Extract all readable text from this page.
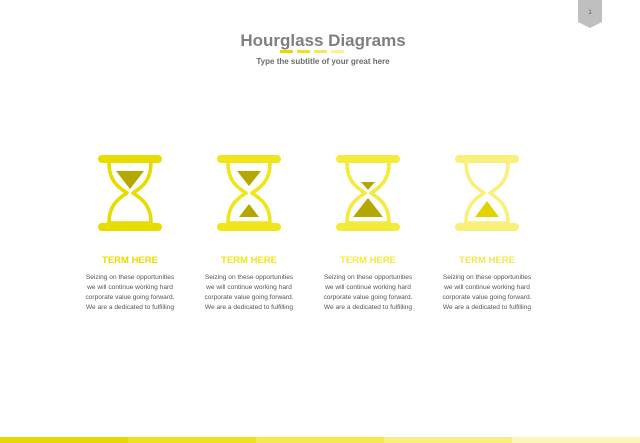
1
Hourglass Diagrams
Type the subtitle of your great here
TERM HERE
Seizing on these opportunities
we will continue working hard
corporate value going forward.
We are a dedicated to fulfilling
TERM HERE
Seizing on these opportunities
we will continue working hard
corporate value going forward.
We are a dedicated to fulfilling
TERM HERE
Seizing on these opportunities
we will continue working hard
corporate value going forward.
We are a dedicated to fulfilling
TERM HERE
Seizing on these opportunities
we will continue working hard
corporate value going forward.
We are a dedicated to fulfilling
